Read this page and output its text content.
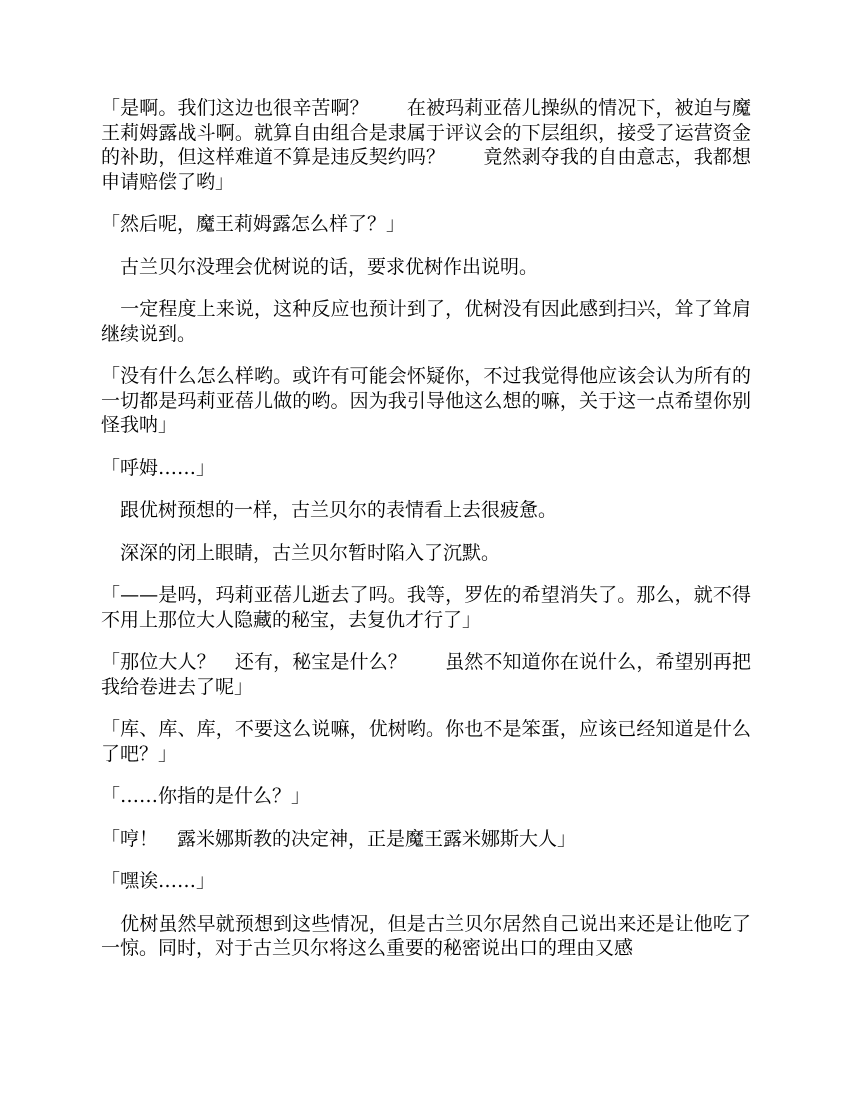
「是啊。我们这边也很辛苦啊？　　在被玛莉亚蓓儿操纵的情况下，被迫与魔王莉姆露战斗啊。就算自由组合是隶属于评议会的下层组织，接受了运营资金的补助，但这样难道不算是违反契约吗？　　竟然剥夺我的自由意志，我都想申请赔偿了哟」

「然后呢，魔王莉姆露怎么样了？」

　古兰贝尔没理会优树说的话，要求优树作出说明。

　一定程度上来说，这种反应也预计到了，优树没有因此感到扫兴，耸了耸肩继续说到。

「没有什么怎么样哟。或许有可能会怀疑你，不过我觉得他应该会认为所有的一切都是玛莉亚蓓儿做的哟。因为我引导他这么想的嘛，关于这一点希望你别怪我呐」

「呼姆……」

　跟优树预想的一样，古兰贝尔的表情看上去很疲惫。

　深深的闭上眼睛，古兰贝尔暂时陷入了沉默。

「——是吗，玛莉亚蓓儿逝去了吗。我等，罗佐的希望消失了。那么，就不得不用上那位大人隐藏的秘宝，去复仇才行了」

「那位大人？　还有，秘宝是什么？　　虽然不知道你在说什么，希望别再把我给卷进去了呢」

「库、库、库，不要这么说嘛，优树哟。你也不是笨蛋，应该已经知道是什么了吧？」

「……你指的是什么？」

「哼！　露米娜斯教的决定神，正是魔王露米娜斯大人」

「嘿诶……」

　优树虽然早就预想到这些情况，但是古兰贝尔居然自己说出来还是让他吃了一惊。同时，对于古兰贝尔将这么重要的秘密说出口的理由又感
